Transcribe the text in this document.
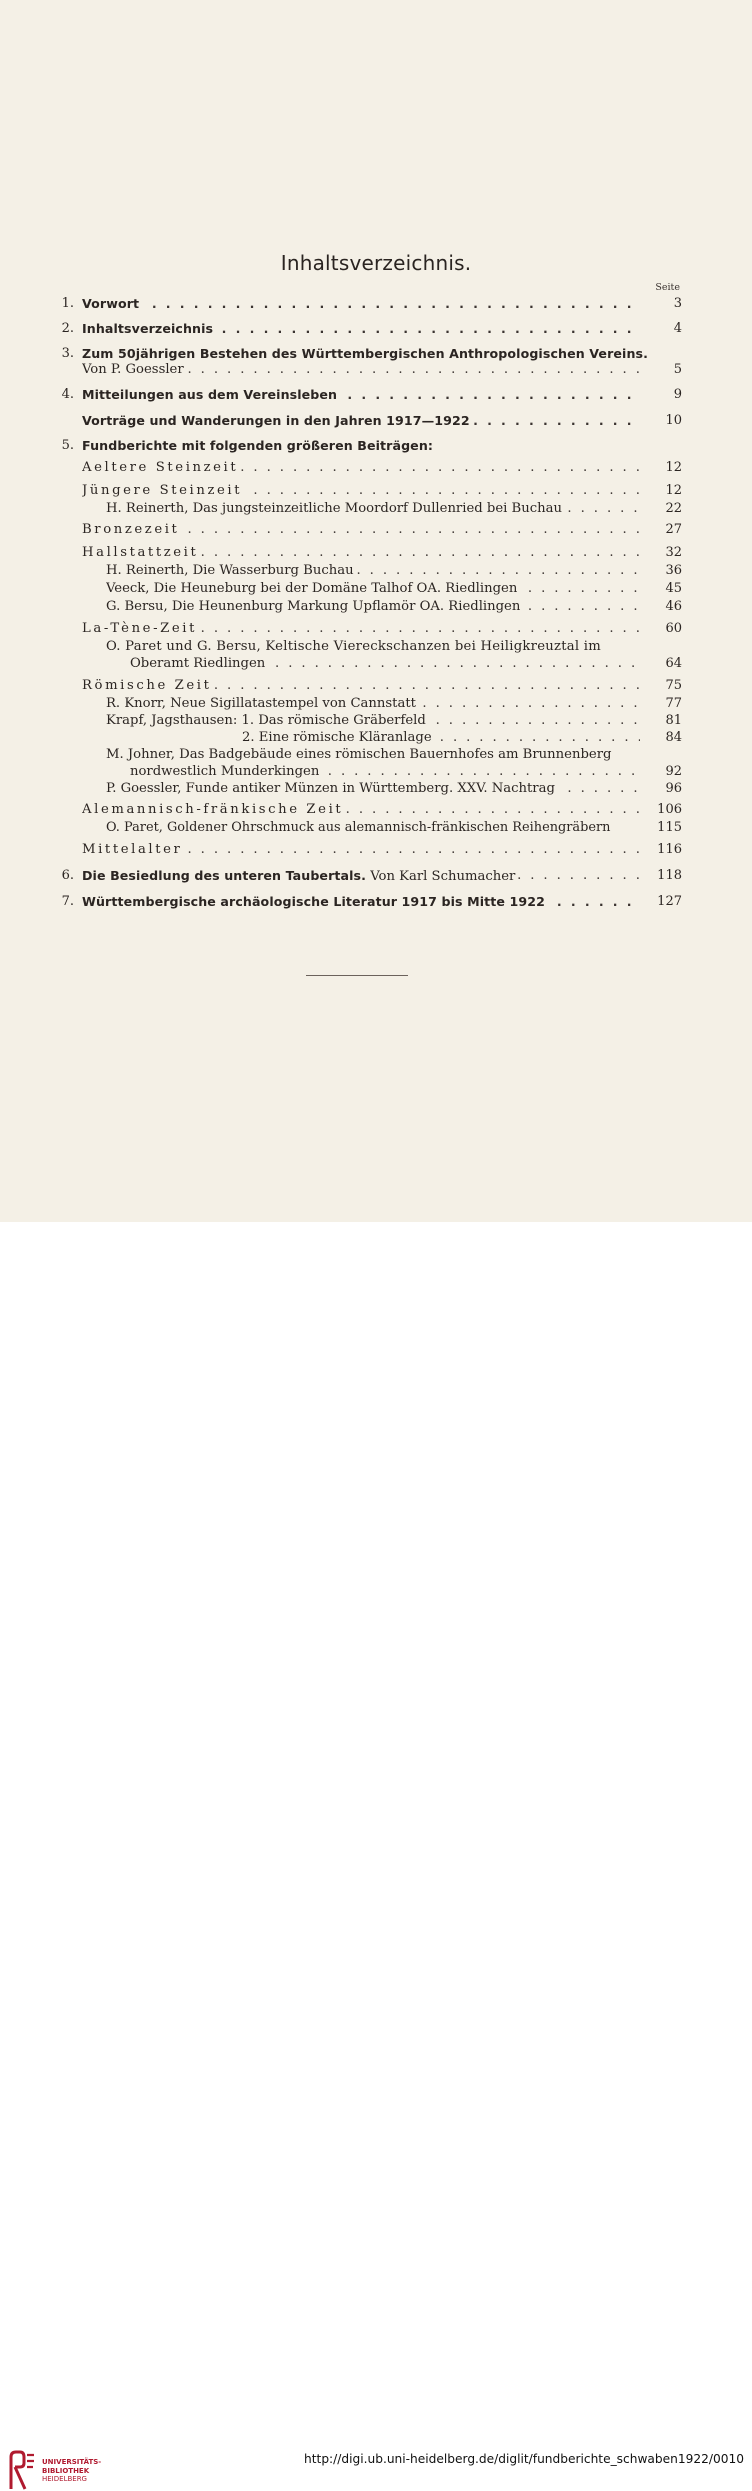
Inhaltsverzeichnis.
Seite
1. Vorwort . . .	3
2. Inhaltsverzeichnis . . .	4
3. Zum 50jährigen Bestehen des Württembergischen Anthropologischen Vereins.
Von P. Goessler . . .	5
4. Mitteilungen aus dem Vereinsleben . . .	9
Vorträge und Wanderungen in den Jahren 1917—1922 . . .	10
5. Fundberichte mit folgenden größeren Beiträgen:
Aeltere Steinzeit . . .	12
Jüngere Steinzeit . . .	12
H. Reinerth, Das jungsteinzeitliche Moordorf Dullenried bei Buchau . . .	22
Bronzezeit . . .	27
Hallstattzeit . . .	32
H. Reinerth, Die Wasserburg Buchau . . .	36
Veeck, Die Heuneburg bei der Domäne Talhof OA. Riedlingen . . .	45
G. Bersu, Die Heunenburg Markung Upflamör OA. Riedlingen . . .	46
La-Tène-Zeit . . .	60
O. Paret und G. Bersu, Keltische Viereckschanzen bei Heiligkreuztal im
Oberamt Riedlingen . . .	64
Römische Zeit . . .	75
R. Knorr, Neue Sigillatastempel von Cannstatt . . .	77
Krapf, Jagsthausen: 1. Das römische Gräberfeld . . .	81
2. Eine römische Kläranlage . . .	84
M. Johner, Das Badgebäude eines römischen Bauernhofes am Brunnenberg
nordwestlich Munderkingen . . .	92
P. Goessler, Funde antiker Münzen in Württemberg. XXV. Nachtrag . . .	96
Alemannisch-fränkische Zeit . . .	106
O. Paret, Goldener Ohrschmuck aus alemannisch-fränkischen Reihengräbern	115
Mittelalter . . .	116
6. Die Besiedlung des unteren Taubertals. Von Karl Schumacher . . .	118
7. Württembergische archäologische Literatur 1917 bis Mitte 1922 . . .	127
UNIVERSITÄTS-
BIBLIOTHEK
HEIDELBERG
http://digi.ub.uni-heidelberg.de/diglit/fundberichte_schwaben1922/0010
